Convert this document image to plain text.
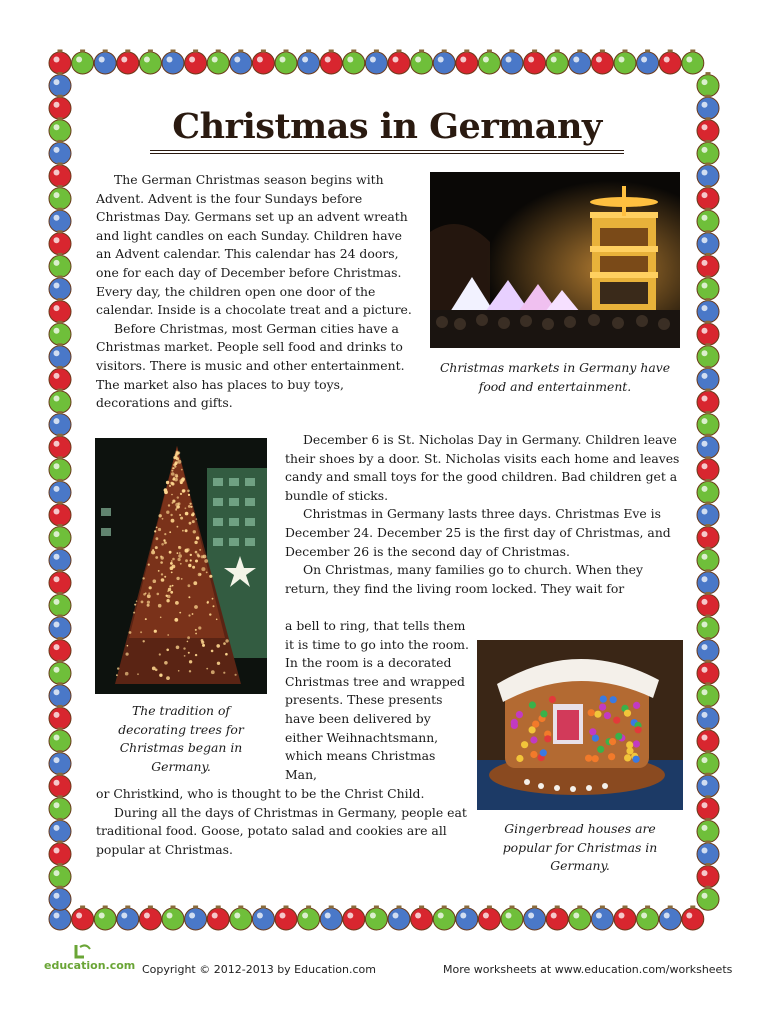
Christmas in Germany

The German Christmas season begins with Advent. Advent is the four Sundays before Christmas Day. Germans set up an advent wreath and light candles on each Sunday. Children have an Advent calendar. This calendar has 24 doors, one for each day of December before Christmas. Every day, the children open one door of the calendar. Inside is a chocolate treat and a picture.

Before Christmas, most German cities have a Christmas market. People sell food and drinks to visitors. There is music and other entertainment. The market also has places to buy toys, decorations and gifts.

Christmas markets in Germany have food and entertainment.
The tradition of decorating trees for Christmas began in Germany.

December 6 is St. Nicholas Day in Germany. Children leave their shoes by a door. St. Nicholas visits each home and leaves candy and small toys for the good children. Bad children get a bundle of sticks.

Christmas in Germany lasts three days. Christmas Eve is December 24. December 25 is the first day of Christmas, and December 26 is the second day of Christmas.

On Christmas, many families go to church. When they return, they find the living room locked. They wait for

a bell to ring, that tells them it is time to go into the room. In the room is a decorated Christmas tree and wrapped presents. These presents have been delivered by either Weihnachtsmann, which means Christmas Man,

or Christkind, who is thought to be the Christ Child.

During all the days of Christmas in Germany, people eat traditional food. Goose, potato salad and cookies are all popular at Christmas.

Gingerbread houses are popular for Christmas in Germany.
education.com Copyright © 2012-2013 by Education.com	More worksheets at www.education.com/worksheets
